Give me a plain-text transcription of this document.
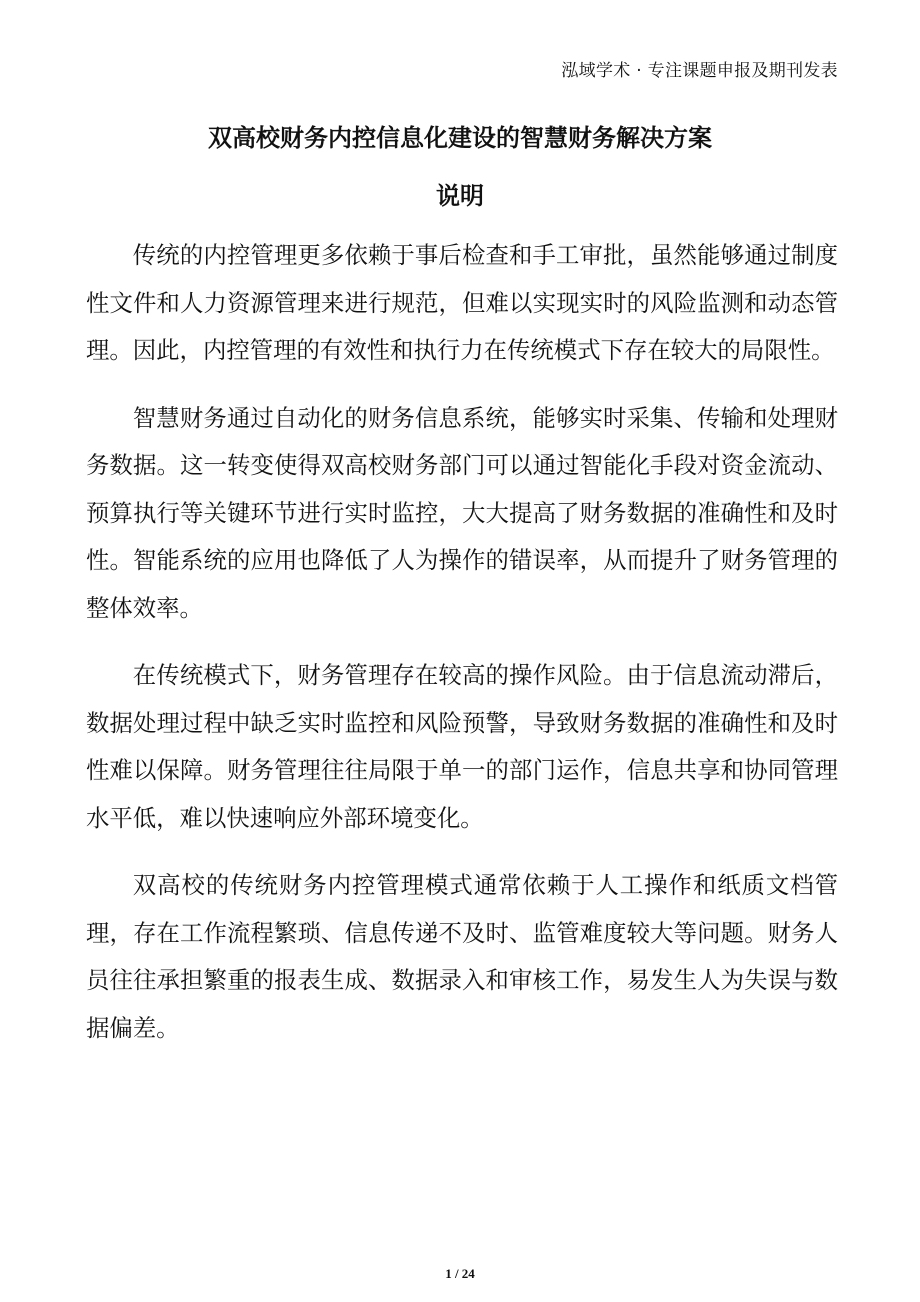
泓域学术 · 专注课题申报及期刊发表
双高校财务内控信息化建设的智慧财务解决方案
说明

传统的内控管理更多依赖于事后检查和手工审批，虽然能够通过制度性文件和人力资源管理来进行规范，但难以实现实时的风险监测和动态管理。因此，内控管理的有效性和执行力在传统模式下存在较大的局限性。

智慧财务通过自动化的财务信息系统，能够实时采集、传输和处理财务数据。这一转变使得双高校财务部门可以通过智能化手段对资金流动、预算执行等关键环节进行实时监控，大大提高了财务数据的准确性和及时性。智能系统的应用也降低了人为操作的错误率，从而提升了财务管理的整体效率。

在传统模式下，财务管理存在较高的操作风险。由于信息流动滞后，数据处理过程中缺乏实时监控和风险预警，导致财务数据的准确性和及时性难以保障。财务管理往往局限于单一的部门运作，信息共享和协同管理水平低，难以快速响应外部环境变化。

双高校的传统财务内控管理模式通常依赖于人工操作和纸质文档管理，存在工作流程繁琐、信息传递不及时、监管难度较大等问题。财务人员往往承担繁重的报表生成、数据录入和审核工作，易发生人为失误与数据偏差。

1 / 24
